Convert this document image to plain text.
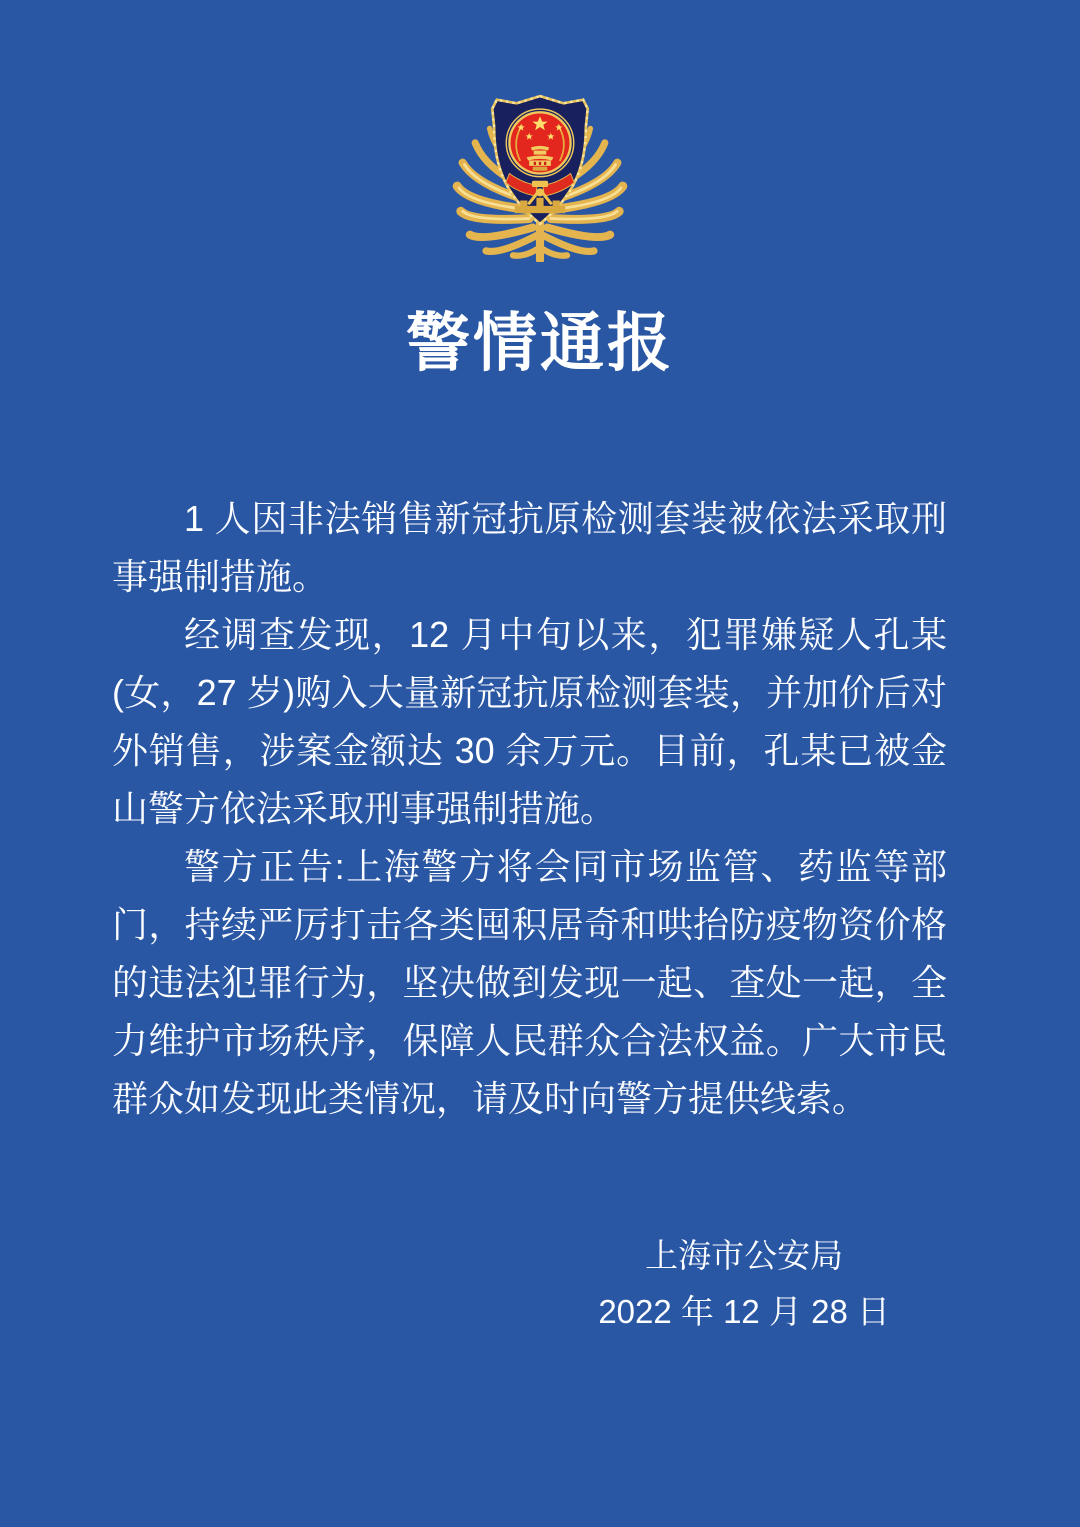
警情通报

1 人因非法销售新冠抗原检测套装被依法采取刑事强制措施。

经调查发现，12 月中旬以来，犯罪嫌疑人孔某(女，27 岁)购入大量新冠抗原检测套装，并加价后对外销售，涉案金额达 30 余万元。目前，孔某已被金山警方依法采取刑事强制措施。

警方正告:上海警方将会同市场监管、药监等部门，持续严厉打击各类囤积居奇和哄抬防疫物资价格的违法犯罪行为，坚决做到发现一起、查处一起，全力维护市场秩序，保障人民群众合法权益。广大市民群众如发现此类情况，请及时向警方提供线索。

上海市公安局
2022 年 12 月 28 日
